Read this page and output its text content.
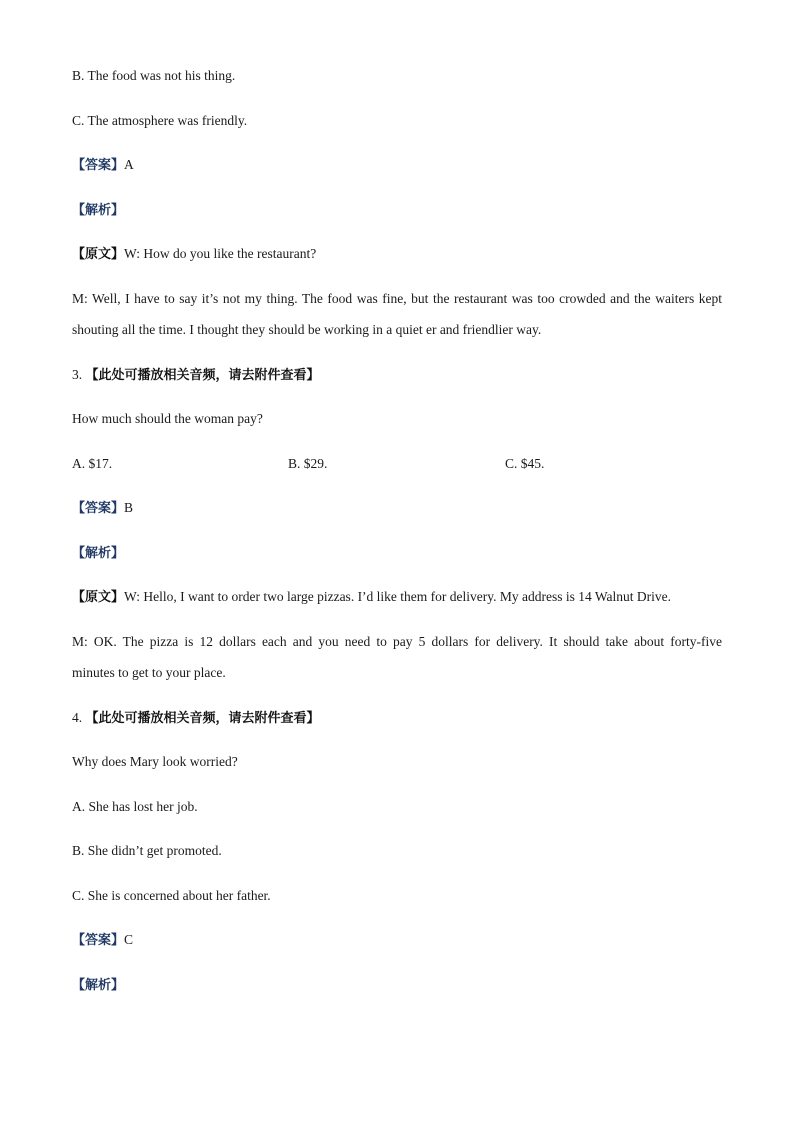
B. The food was not his thing.
C. The atmosphere was friendly.
【答案】A
【解析】
【原文】W: How do you like the restaurant?
M: Well, I have to say it’s not my thing. The food was fine, but the restaurant was too crowded and the waiters kept
shouting all the time. I thought they should be working in a quiet er and friendlier way.
3. 【此处可播放相关音频，请去附件查看】
How much should the woman pay?
A. $17.	B. $29.	C. $45.
【答案】B
【解析】
【原文】W: Hello, I want to order two large pizzas. I’d like them for delivery. My address is 14 Walnut Drive.
M: OK. The pizza is 12 dollars each and you need to pay 5 dollars for delivery. It should take about forty-five
minutes to get to your place.
4. 【此处可播放相关音频，请去附件查看】
Why does Mary look worried?
A. She has lost her job.
B. She didn’t get promoted.
C. She is concerned about her father.
【答案】C
【解析】
